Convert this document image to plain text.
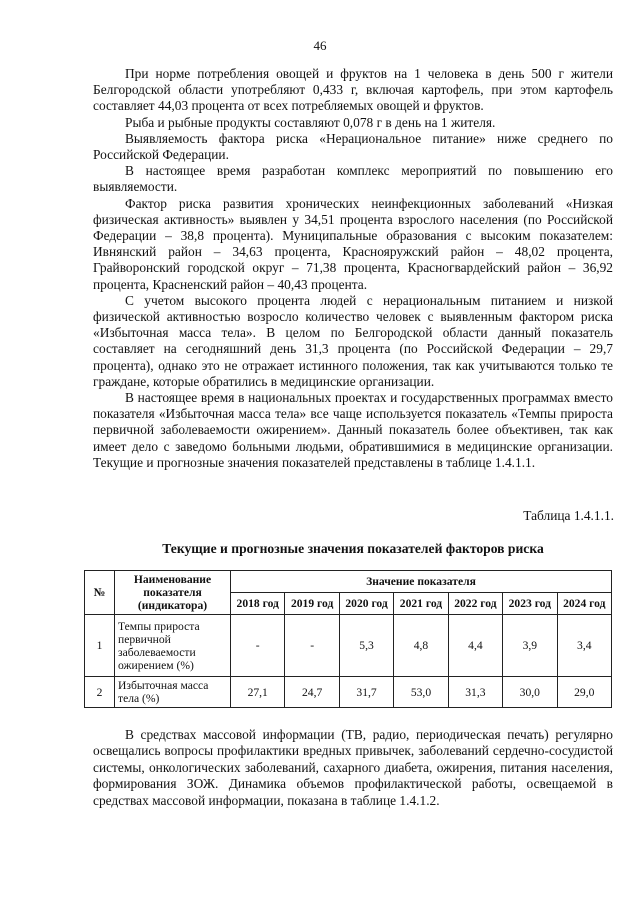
46

При норме потребления овощей и фруктов на 1 человека в день 500 г жители Белгородской области употребляют 0,433 г, включая картофель, при этом картофель составляет 44,03 процента от всех потребляемых овощей и фруктов.

Рыба и рыбные продукты составляют 0,078 г в день на 1 жителя.

Выявляемость фактора риска «Нерациональное питание» ниже среднего по Российской Федерации.

В настоящее время разработан комплекс мероприятий по повышению его выявляемости.

Фактор риска развития хронических неинфекционных заболеваний «Низкая физическая активность» выявлен у 34,51 процента взрослого населения (по Российской Федерации – 38,8 процента). Муниципальные образования с высоким показателем: Ивнянский район – 34,63 процента, Краснояружский район – 48,02 процента, Грайворонский городской округ – 71,38 процента, Красногвардейский район – 36,92 процента, Красненский район – 40,43 процента.

С учетом высокого процента людей с нерациональным питанием и низкой физической активностью возросло количество человек с выявленным фактором риска «Избыточная масса тела». В целом по Белгородской области данный показатель составляет на сегодняшний день 31,3 процента (по Российской Федерации – 29,7 процента), однако это не отражает истинного положения, так как учитываются только те граждане, которые обратились в медицинские организации.

В настоящее время в национальных проектах и государственных программах вместо показателя «Избыточная масса тела» все чаще используется показатель «Темпы прироста первичной заболеваемости ожирением». Данный показатель более объективен, так как имеет дело с заведомо больными людьми, обратившимися в медицинские организации. Текущие и прогнозные значения показателей представлены в таблице 1.4.1.1.

Таблица 1.4.1.1.
Текущие и прогнозные значения показателей факторов риска
№	Наименование показателя (индикатора)	Значение показателя						
		2018 год	2019 год	2020 год	2021 год	2022 год	2023 год	2024 год
1	Темпы прироста первичной заболеваемости ожирением (%)	-	-	5,3	4,8	4,4	3,9	3,4
2	Избыточная масса тела (%)	27,1	24,7	31,7	53,0	31,3	30,0	29,0

В средствах массовой информации (ТВ, радио, периодическая печать) регулярно освещались вопросы профилактики вредных привычек, заболеваний сердечно-сосудистой системы, онкологических заболеваний, сахарного диабета, ожирения, питания населения, формирования ЗОЖ. Динамика объемов профилактической работы, освещаемой в средствах массовой информации, показана в таблице 1.4.1.2.
